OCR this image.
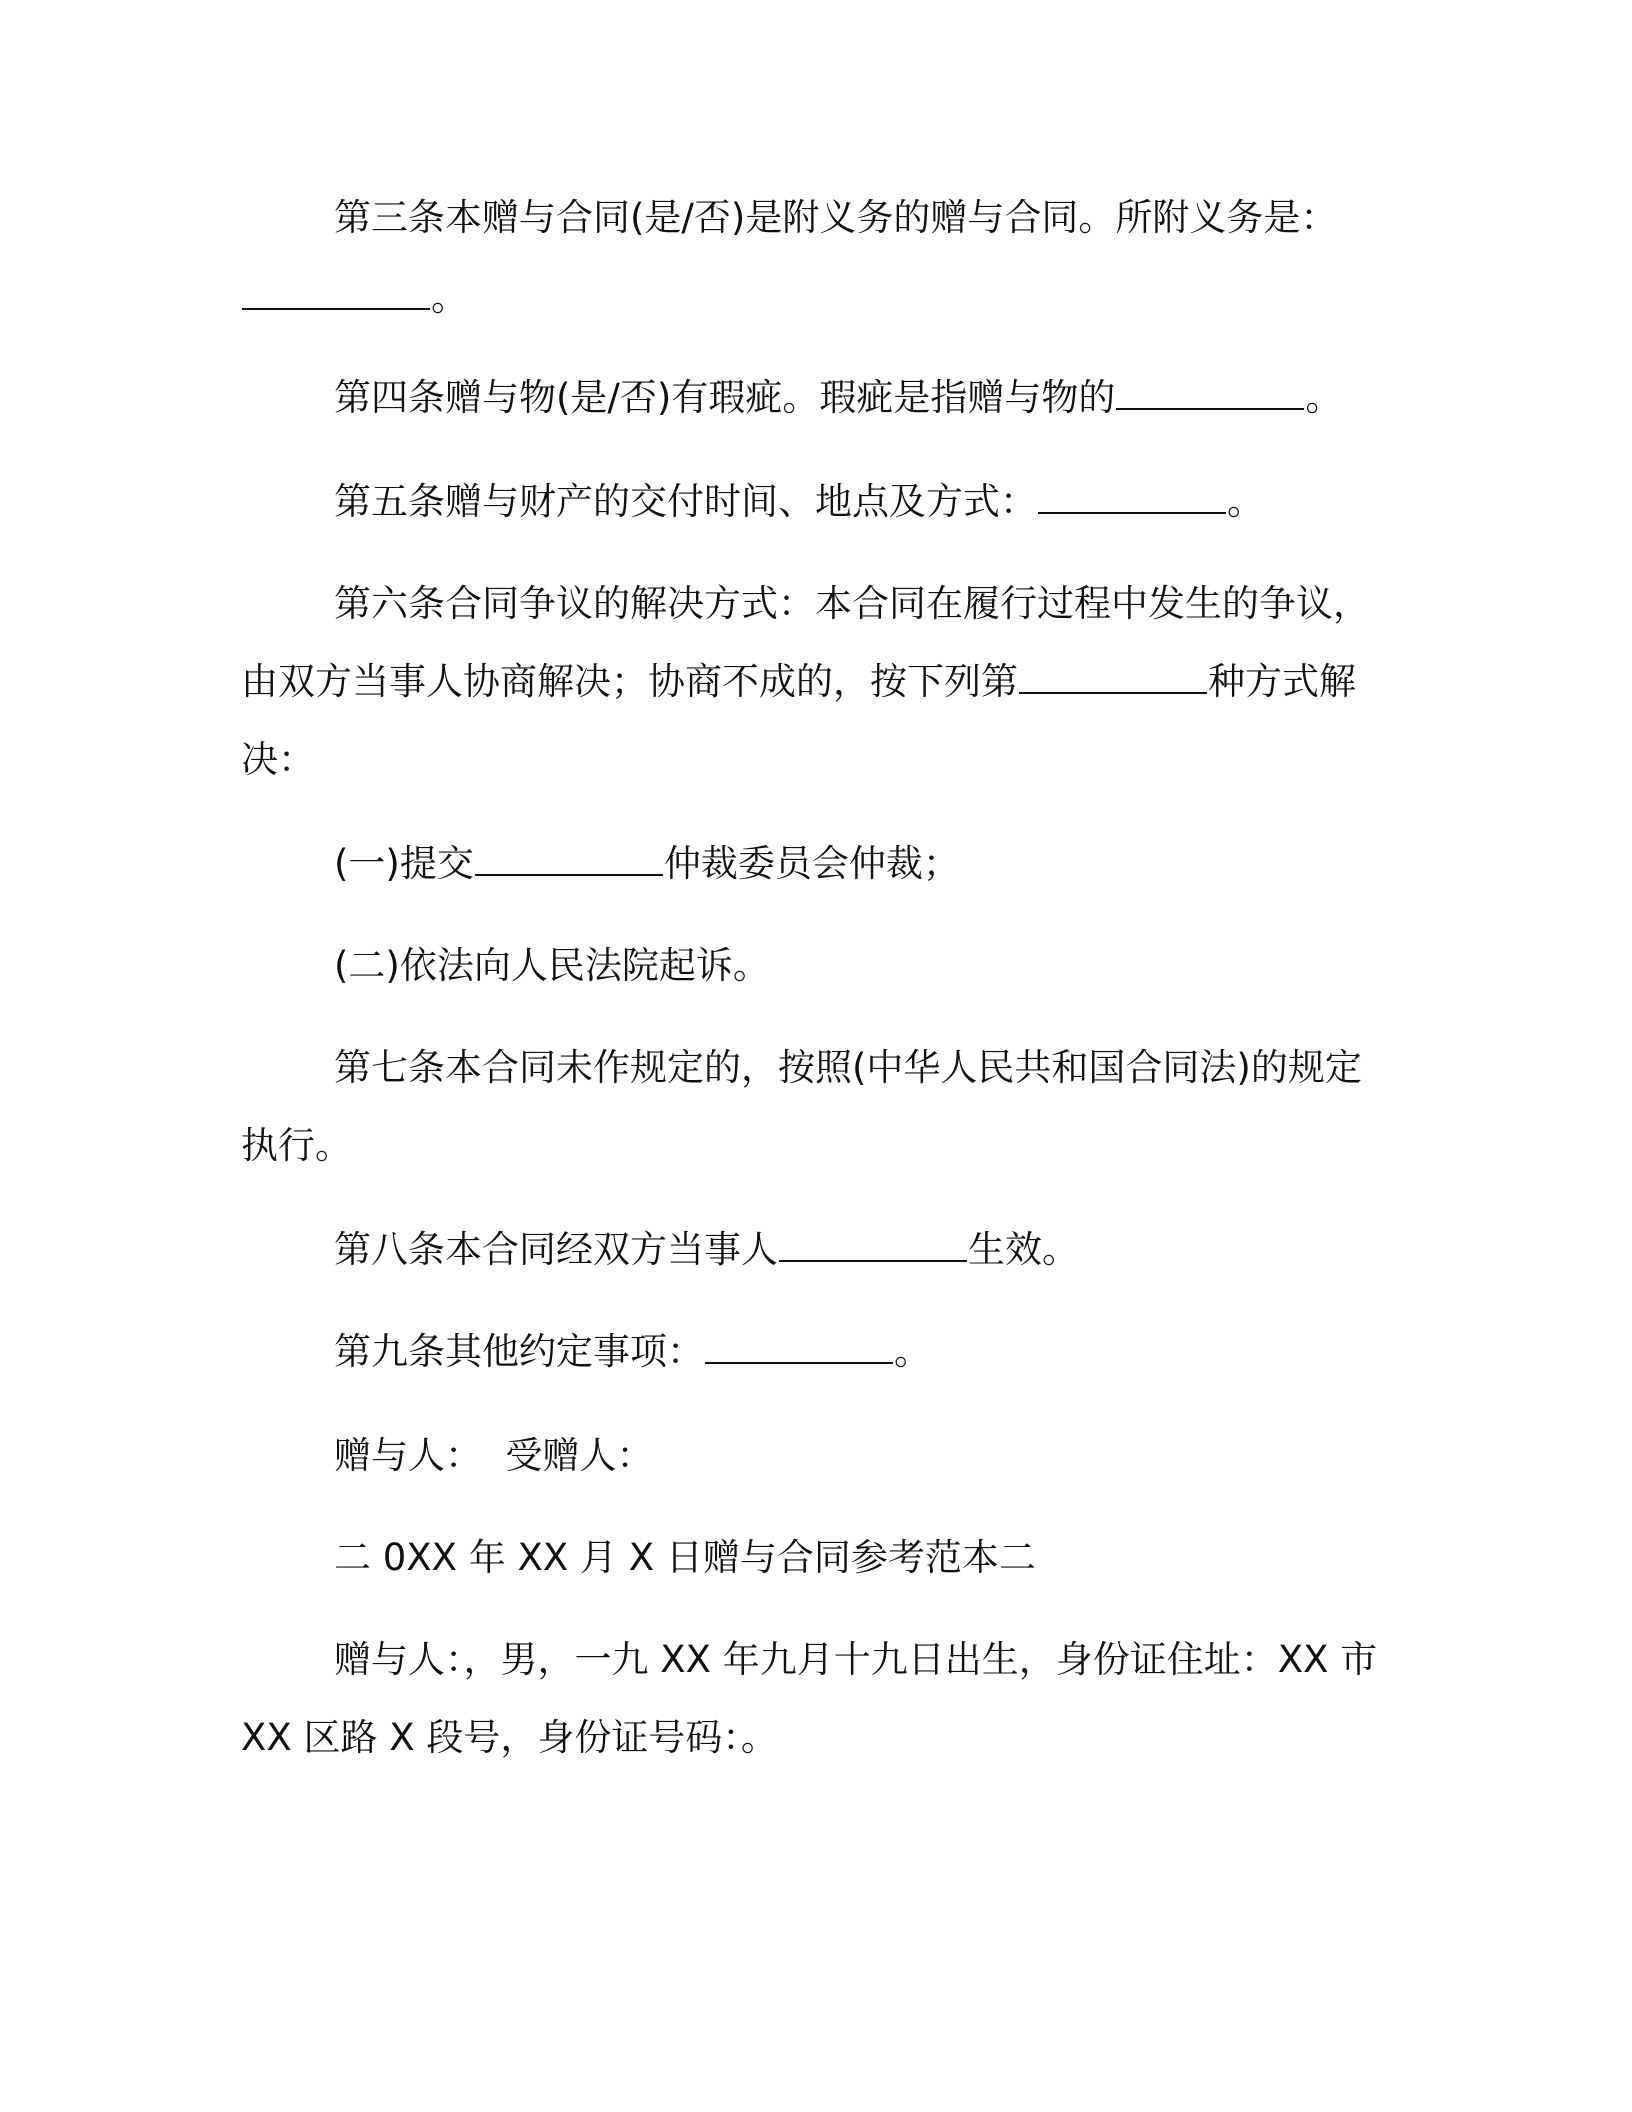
第三条本赠与合同(是/否)是附义务的赠与合同。所附义务是：
。
第四条赠与物(是/否)有瑕疵。瑕疵是指赠与物的	。
第五条赠与财产的交付时间、地点及方式：	。
第六条合同争议的解决方式：本合同在履行过程中发生的争议，
由双方当事人协商解决；协商不成的，按下列第	种方式解
决：
(一)提交	仲裁委员会仲裁；
(二)依法向人民法院起诉。
第七条本合同未作规定的，按照(中华人民共和国合同法)的规定
执行。
第八条本合同经双方当事人	生效。
第九条其他约定事项：	。
赠与人：  受赠人：
二 0XX 年 XX 月 X 日赠与合同参考范本二
赠与人：，男，一九 XX 年九月十九日出生，身份证住址：XX 市
XX 区路 X 段号，身份证号码：。
